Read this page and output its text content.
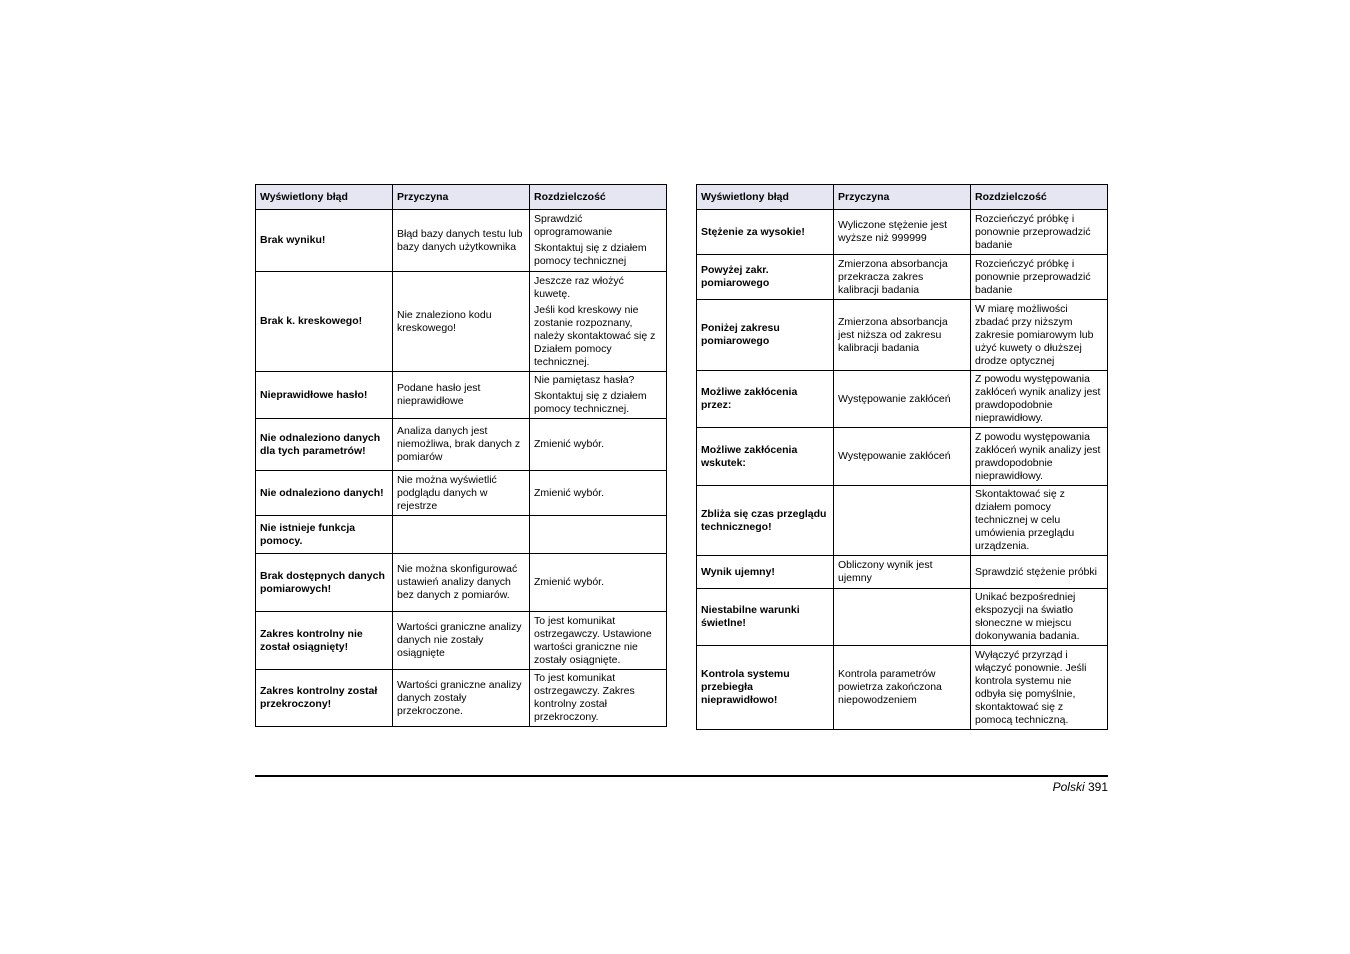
Wyświetlony błąd	Przyczyna	Rozdzielczość
Brak wyniku!	Błąd bazy danych testu lub bazy danych użytkownika	Sprawdzić oprogramowanie

Skontaktuj się z działem pomocy technicznej

Brak k. kreskowego!	Nie znaleziono kodu kreskowego!	Jeszcze raz włożyć kuwetę.

Jeśli kod kreskowy nie zostanie rozpoznany, należy skontaktować się z Działem pomocy technicznej.

Nieprawidłowe hasło!	Podane hasło jest nieprawidłowe	Nie pamiętasz hasła?

Skontaktuj się z działem pomocy technicznej.

Nie odnaleziono danych dla tych parametrów!	Analiza danych jest niemożliwa, brak danych z pomiarów	Zmienić wybór.

Nie odnaleziono danych!	Nie można wyświetlić podglądu danych w rejestrze	Zmienić wybór.

Nie istnieje funkcja pomocy.		

Brak dostępnych danych pomiarowych!	Nie można skonfigurować ustawień analizy danych bez danych z pomiarów.	Zmienić wybór.

Zakres kontrolny nie został osiągnięty!	Wartości graniczne analizy danych nie zostały osiągnięte	To jest komunikat ostrzegawczy. Ustawione wartości graniczne nie zostały osiągnięte.

Zakres kontrolny został przekroczony!	Wartości graniczne analizy danych zostały przekroczone.	To jest komunikat ostrzegawczy. Zakres kontrolny został przekroczony.

Wyświetlony błąd	Przyczyna	Rozdzielczość
Stężenie za wysokie!	Wyliczone stężenie jest wyższe niż 999999	Rozcieńczyć próbkę i ponownie przeprowadzić badanie

Powyżej zakr. pomiarowego	Zmierzona absorbancja przekracza zakres kalibracji badania	Rozcieńczyć próbkę i ponownie przeprowadzić badanie

Poniżej zakresu pomiarowego	Zmierzona absorbancja jest niższa od zakresu kalibracji badania	W miarę możliwości zbadać przy niższym zakresie pomiarowym lub użyć kuwety o dłuższej drodze optycznej

Możliwe zakłócenia przez:	Występowanie zakłóceń	Z powodu występowania zakłóceń wynik analizy jest prawdopodobnie nieprawidłowy.

Możliwe zakłócenia wskutek:	Występowanie zakłóceń	Z powodu występowania zakłóceń wynik analizy jest prawdopodobnie nieprawidłowy.

Zbliża się czas przeglądu technicznego!		Skontaktować się z działem pomocy technicznej w celu umówienia przeglądu urządzenia.

Wynik ujemny!	Obliczony wynik jest ujemny	Sprawdzić stężenie próbki

Niestabilne warunki świetlne!		Unikać bezpośredniej ekspozycji na światło słoneczne w miejscu dokonywania badania.

Kontrola systemu przebiegła nieprawidłowo!	Kontrola parametrów powietrza zakończona niepowodzeniem	Wyłączyć przyrząd i włączyć ponownie. Jeśli kontrola systemu nie odbyła się pomyślnie, skontaktować się z pomocą techniczną.

Polski 391
